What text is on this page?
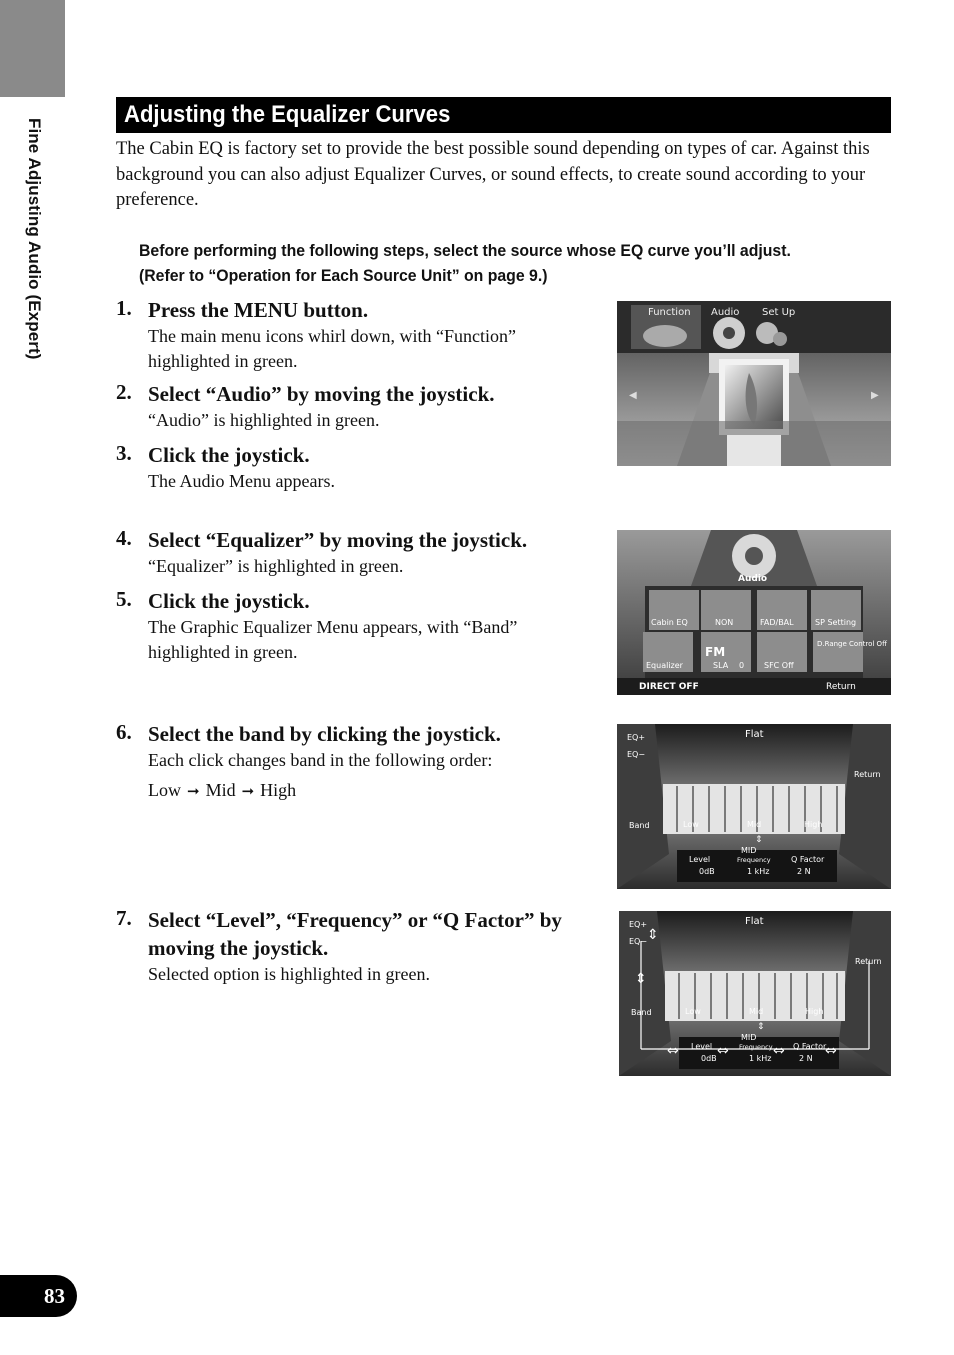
Fine Adjusting Audio (Expert)
Adjusting the Equalizer Curves

The Cabin EQ is factory set to provide the best possible sound depending on types of car. Against this background you can also adjust Equalizer Curves, or sound effects, to create sound according to your preference.

Before performing the following steps, select the source whose EQ curve you’ll adjust.
(Refer to “Operation for Each Source Unit” on page 9.)
1. Press the MENU button.
The main menu icons whirl down, with “Function” highlighted in green.
2. Select “Audio” by moving the joystick.
“Audio” is highlighted in green.
3. Click the joystick.
The Audio Menu appears.
4. Select “Equalizer” by moving the joystick.
“Equalizer” is highlighted in green.
5. Click the joystick.
The Graphic Equalizer Menu appears, with “Band” highlighted in green.
6. Select the band by clicking the joystick.
Each click changes band in the following order:
Low ➞ Mid ➞ High
7. Select “Level”, “Frequency” or “Q Factor” by moving the joystick.
Selected option is highlighted in green.
Function Audio Set Up
◀	▶
Audio
Cabin EQ	NON	FAD/BAL	SP Setting
Equalizer	SLA 0 SFC Off
D.Range Control Off
FM
DIRECT OFF	Return
Flat
EQ+
EQ−
Return
Band	Low	Mid	High
MID
Level	Frequency	Q Factor
0dB	1 kHz	2 N
⇕
Flat
EQ+
EQ−
Return
Band	Low	Mid	High
MID
Level	Frequency	Q Factor
0dB	1 kHz	2 N
⇕
⇕
⇔	⇔	⇔	⇔
⇕
83
